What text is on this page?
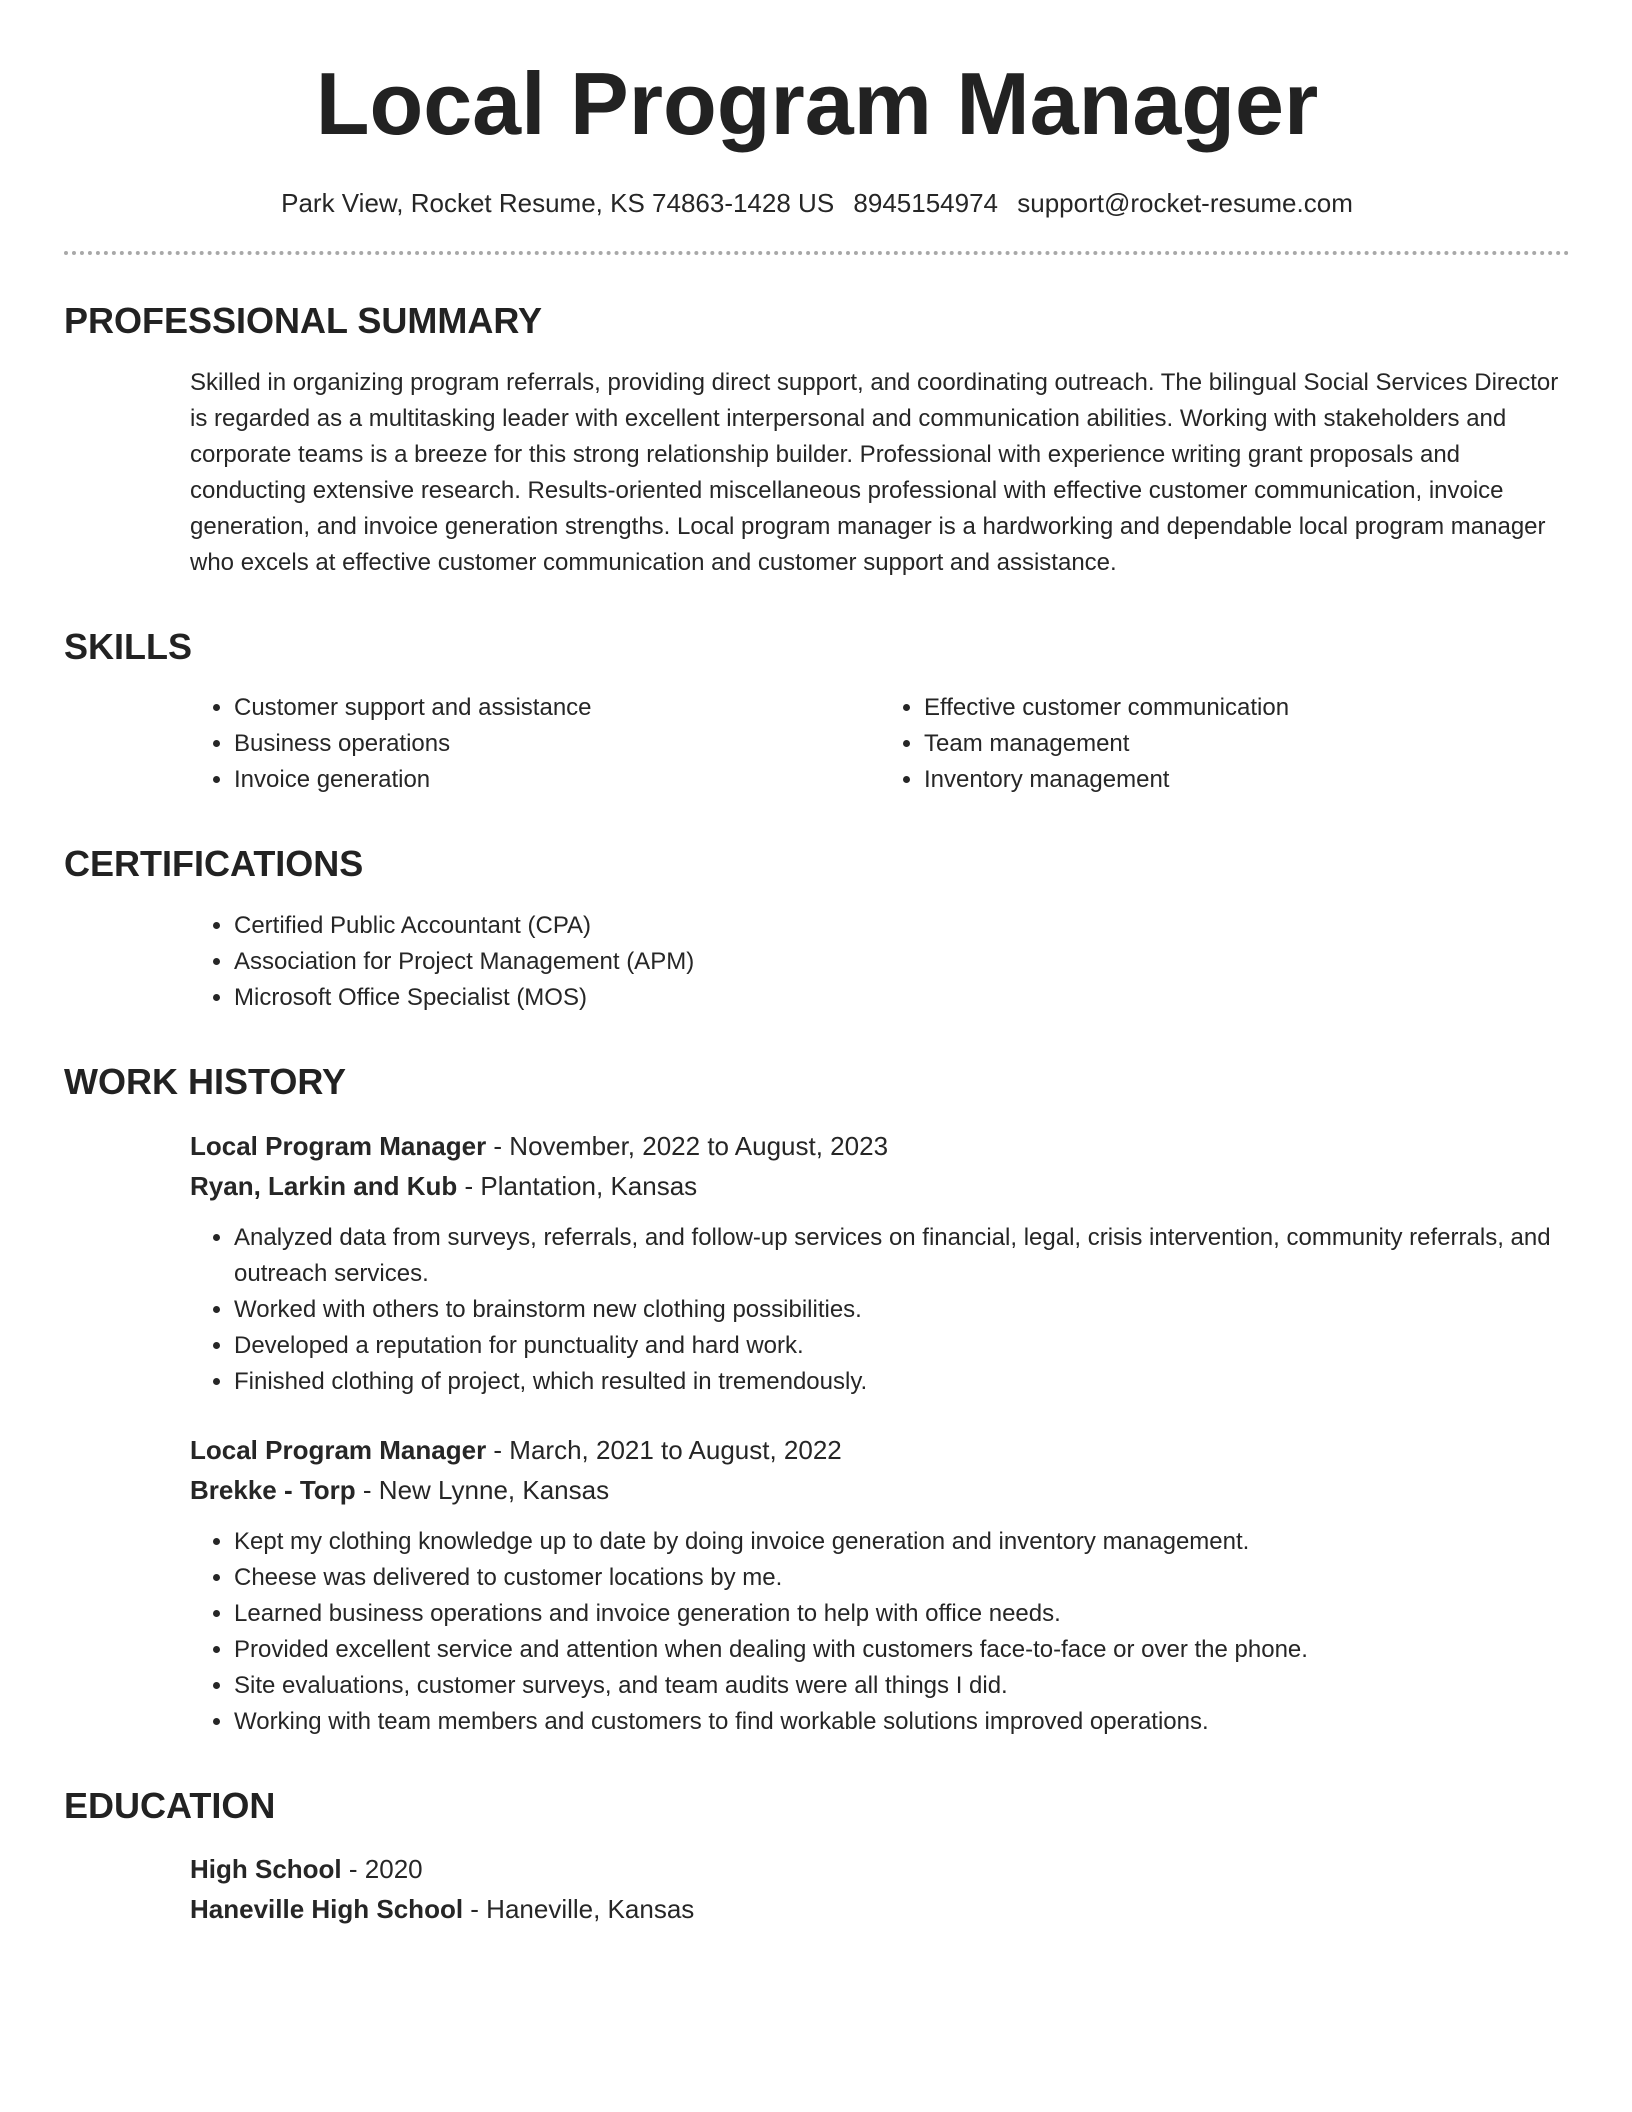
Local Program Manager
Park View, Rocket Resume, KS 74863-1428 US 8945154974 support@rocket-resume.com
PROFESSIONAL SUMMARY

Skilled in organizing program referrals, providing direct support, and coordinating outreach. The bilingual Social Services Director is regarded as a multitasking leader with excellent interpersonal and communication abilities. Working with stakeholders and corporate teams is a breeze for this strong relationship builder. Professional with experience writing grant proposals and conducting extensive research. Results-oriented miscellaneous professional with effective customer communication, invoice generation, and invoice generation strengths. Local program manager is a hardworking and dependable local program manager who excels at effective customer communication and customer support and assistance.

SKILLS
• Customer support and assistance
• Business operations
• Invoice generation
• Effective customer communication
• Team management
• Inventory management
CERTIFICATIONS
• Certified Public Accountant (CPA)
• Association for Project Management (APM)
• Microsoft Office Specialist (MOS)
WORK HISTORY
Local Program Manager - November, 2022 to August, 2023
Ryan, Larkin and Kub - Plantation, Kansas
• Analyzed data from surveys, referrals, and follow-up services on financial, legal, crisis intervention, community referrals, and outreach services.
• Worked with others to brainstorm new clothing possibilities.
• Developed a reputation for punctuality and hard work.
• Finished clothing of project, which resulted in tremendously.
Local Program Manager - March, 2021 to August, 2022
Brekke - Torp - New Lynne, Kansas
• Kept my clothing knowledge up to date by doing invoice generation and inventory management.
• Cheese was delivered to customer locations by me.
• Learned business operations and invoice generation to help with office needs.
• Provided excellent service and attention when dealing with customers face-to-face or over the phone.
• Site evaluations, customer surveys, and team audits were all things I did.
• Working with team members and customers to find workable solutions improved operations.
EDUCATION
High School - 2020
Haneville High School - Haneville, Kansas
